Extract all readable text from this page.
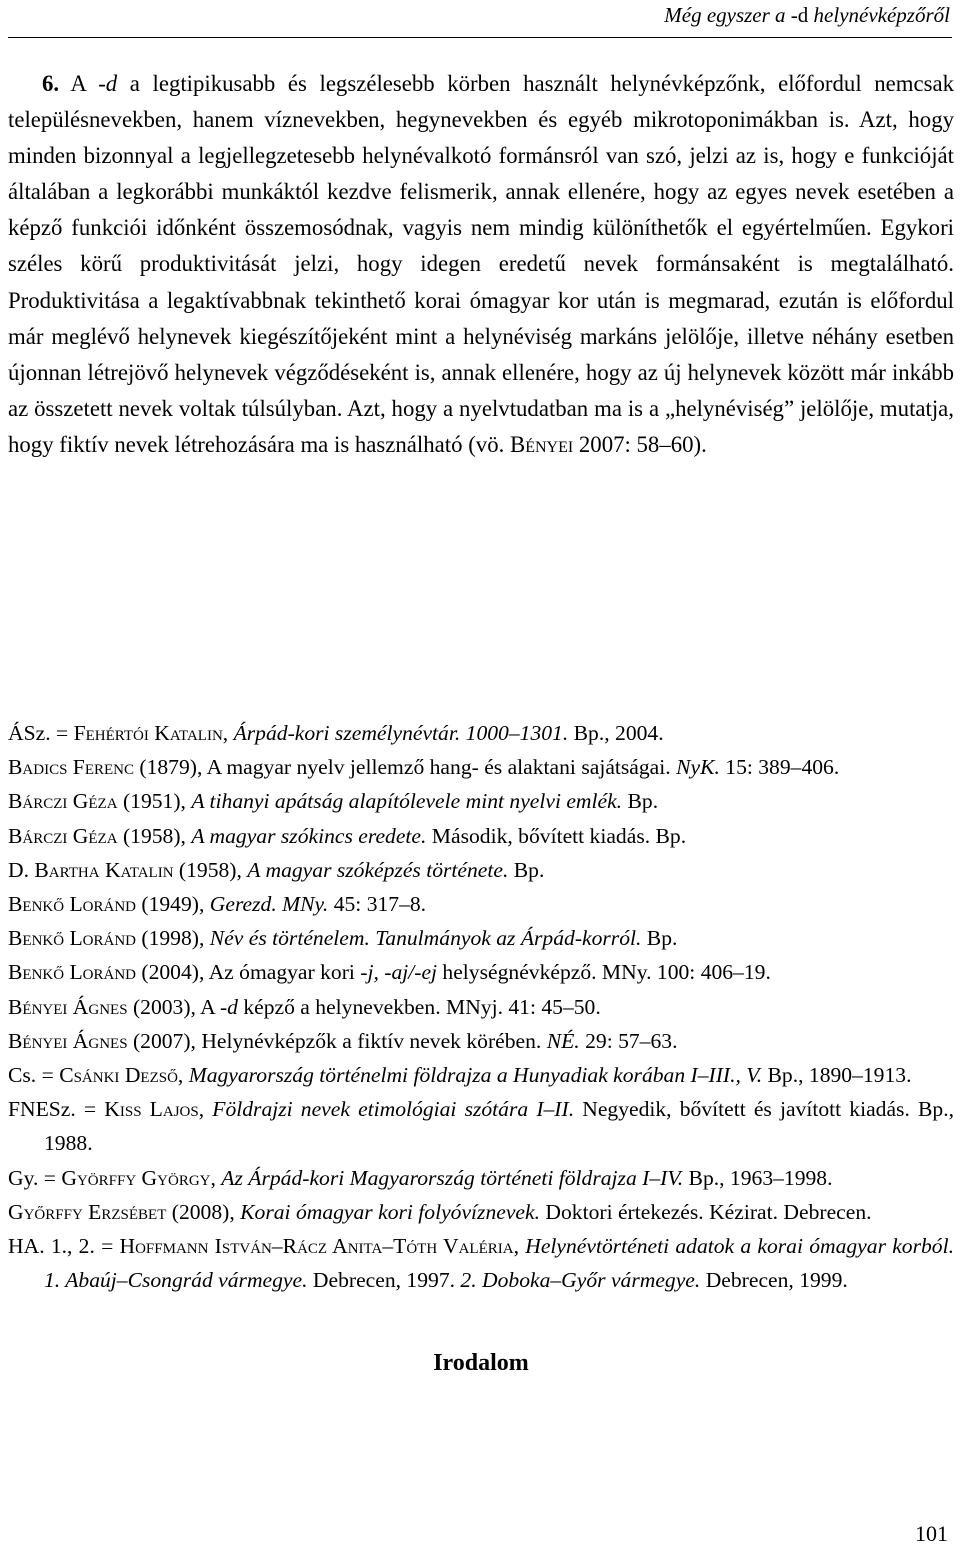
Még egyszer a -d helynévképzőről

6. A -d a legtipikusabb és legszélesebb körben használt helynévképzőnk, előfordul nemcsak településnevekben, hanem víznevekben, hegynevekben és egyéb mikrotoponimákban is. Azt, hogy minden bizonnyal a legjellegzetesebb helynévalkotó formánsról van szó, jelzi az is, hogy e funkcióját általában a legkorábbi munkáktól kezdve felismerik, annak ellenére, hogy az egyes nevek esetében a képző funkciói időnként összemosódnak, vagyis nem mindig különíthetők el egyértelműen. Egykori széles körű produktivitását jelzi, hogy idegen eredetű nevek formánsaként is megtalálható. Produktivitása a legaktívabbnak tekinthető korai ómagyar kor után is megmarad, ezután is előfordul már meglévő helynevek kiegészítőjeként mint a helynéviség markáns jelölője, illetve néhány esetben újonnan létrejövő helynevek végződéseként is, annak ellenére, hogy az új helynevek között már inkább az összetett nevek voltak túlsúlyban. Azt, hogy a nyelvtudatban ma is a „helynéviség” jelölője, mutatja, hogy fiktív nevek létrehozására ma is használható (vö. Bényei 2007: 58–60).

Irodalom
ÁSz. = Fehértói Katalin, Árpád-kori személynévtár. 1000–1301. Bp., 2004.
Badics Ferenc (1879), A magyar nyelv jellemző hang- és alaktani sajátságai. NyK. 15: 389–406.
Bárczi Géza (1951), A tihanyi apátság alapítólevele mint nyelvi emlék. Bp.
Bárczi Géza (1958), A magyar szókincs eredete. Második, bővített kiadás. Bp.
D. Bartha Katalin (1958), A magyar szóképzés története. Bp.
Benkő Loránd (1949), Gerezd. MNy. 45: 317–8.
Benkő Loránd (1998), Név és történelem. Tanulmányok az Árpád-korról. Bp.
Benkő Loránd (2004), Az ómagyar kori -j, -aj/-ej helységnévképző. MNy. 100: 406–19.
Bényei Ágnes (2003), A -d képző a helynevekben. MNyj. 41: 45–50.
Bényei Ágnes (2007), Helynévképzők a fiktív nevek körében. NÉ. 29: 57–63.
Cs. = Csánki Dezső, Magyarország történelmi földrajza a Hunyadiak korában I–III., V. Bp., 1890–1913.
FNESz. = Kiss Lajos, Földrajzi nevek etimológiai szótára I–II. Negyedik, bővített és javított kiadás. Bp., 1988.
Gy. = Györffy György, Az Árpád-kori Magyarország történeti földrajza I–IV. Bp., 1963–1998.
Győrffy Erzsébet (2008), Korai ómagyar kori folyóvíznevek. Doktori értekezés. Kézirat. Debrecen.
HA. 1., 2. = Hoffmann István–Rácz Anita–Tóth Valéria, Helynévtörténeti adatok a korai ómagyar korból. 1. Abaúj–Csongrád vármegye. Debrecen, 1997. 2. Doboka–Győr vármegye. Debrecen, 1999.
101
